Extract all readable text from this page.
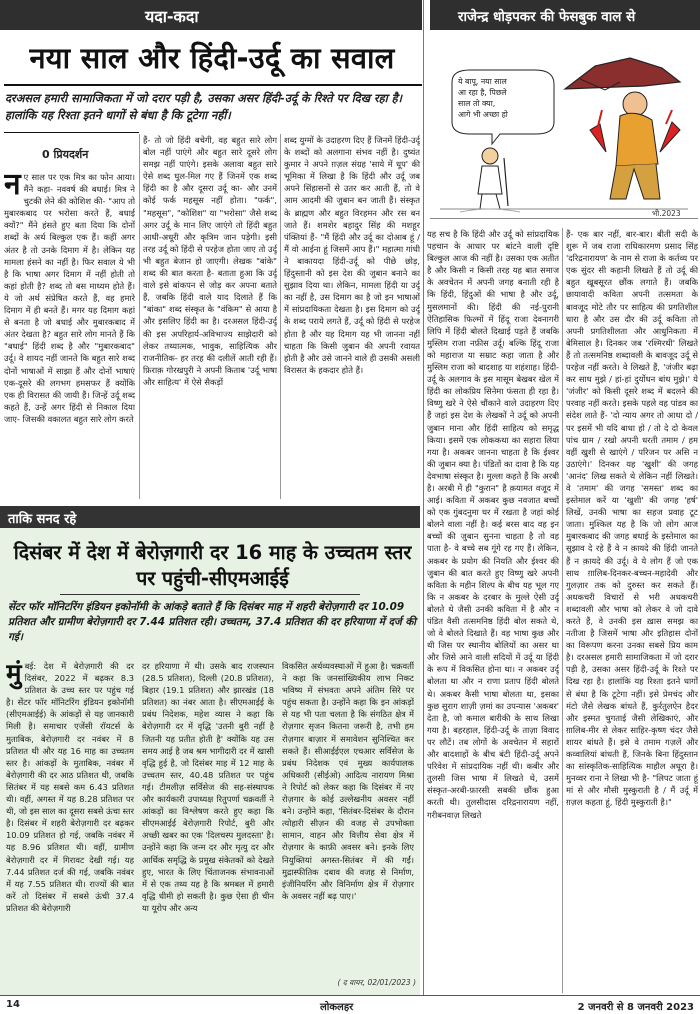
यदा-कदा
नया साल और हिंदी-उर्दू का सवाल
दरअसल हमारी सामाजिकता में जो दरार पड़ी है, उसका असर हिंदी-उर्दू के रिश्ते पर दिख रहा है। हालांकि यह रिश्ता इतने धागों से बंधा है कि टूटेगा नहीं।
0 प्रियदर्शन
नए साल पर एक मित्र का फोन आया। मैंने कहा- नववर्ष की बधाई। मित्र ने चुटकी लेने की कोशिश की- "आप तो मुबारकबाद पर भरोसा करते हैं, बधाई क्यों?" मैंने हंसते हुए बता दिया कि दोनों शब्दों के अर्थ बिल्कुल एक हैं। कहीं अगर अंतर है तो उनके दिमाग में है। लेकिन यह मामला हंसने का नहीं है। फिर सवाल ये भी है कि भाषा अगर दिमाग में नहीं होती तो कहां होती है? शब्द तो बस माध्यम होते हैं। ये जो अर्थ संप्रेषित करते हैं, वह हमारे दिमाग में ही बनते हैं। मगर यह दिमाग कहां से बनता है जो बधाई और मुबारकबाद में अंतर देखता है? बहुत सारे लोग मानते हैं कि "बधाई" हिंदी शब्द है और "मुबारकबाद" उर्दू। वे शायद नहीं जानते कि बहुत सारे शब्द दोनों भाषाओं में साझा हैं और दोनों भाषाएं एक-दूसरे की लगभग हमसफर हैं क्योंकि एक ही विरासत की जायी हैं। जिन्हें उर्दू शब्द कहते हैं, उन्हें अगर हिंदी से निकाल दिया जाए- जिसकी वकालत बहुत सारे लोग करते
हैं- तो जो हिंदी बचेगी, वह बहुत सारे लोग बोल नहीं पाएंगे और बहुत सारे दूसरे लोग समझ नहीं पाएंगे। इसके अलावा बहुत सारे ऐसे शब्द घुल-मिल गए हैं जिनमें एक शब्द हिंदी का है और दूसरा उर्दू का- और उनमें कोई फर्क महसूस नहीं होता। "फर्क", "महसूस", "कोशिश" या "भरोसा" जैसे शब्द अगर उर्दू के मान लिए जाएंगे तो हिंदी बहुत आधी-अधूरी और कृत्रिम जान पड़ेगी। इसी तरह उर्दू को हिंदी से परहेज होता जाए तो उर्दू भी बहुत बेजान हो जाएगी। लेखक "बांके" शब्द की बात करता है- बताता हुआ कि उर्दू वाले इसे बांकपन से जोड़ कर अपना बताते हैं, जबकि हिंदी वाले याद दिलाते हैं कि "बांका" शब्द संस्कृत के "वंकिम" से आया है और इसलिए हिंदी का है। दरअसल हिंदी-उर्दू की इस अपरिहार्य-अविभाज्य साझेदारी को लेकर तथ्यात्मक, भावुक, साहित्यिक और राजनीतिक- हर तरह की दलीलें आती रही हैं। फ़िराक़ गोरखपुरी ने अपनी किताब 'उर्दू भाषा और साहित्य' में ऐसे सैकड़ों
शब्द युग्मों के उदाहरण दिए हैं जिनमें हिंदी-उर्दू के शब्दों को अलगाना संभव नहीं है। दुष्यंत कुमार ने अपने ग़ज़ल संग्रह 'साये में धूप' की भूमिका में लिखा है कि हिंदी और उर्दू जब अपने सिंहासनों से उतर कर आती हैं, तो वे आम आदमी की जुबान बन जाती हैं। संस्कृत के ब्राह्मण और बहुत विरहमन और रस बन जाते हैं। शमशेर बहादुर सिंह की मशहूर पंक्तियां हैं- "मैं हिंदी और उर्दू का दोआब हूं / मैं वो आईना हूं जिसमें आप हैं।" महात्मा गांधी ने बाकायदा हिंदी-उर्दू को पीछे छोड़, हिंदुस्तानी को इस देश की जुबान बनाने का सुझाव दिया था। लेकिन, मामला हिंदी या उर्दू का नहीं है, उस दिमाग का है जो इन भाषाओं में सांप्रदायिकता देखता है। इस दिमाग को उर्दू के शब्द पराये लगते हैं, उर्दू को हिंदी से परहेज होता है और यह दिमाग यह भी जानना नहीं चाहता कि किसी जुबान की अपनी रवायत होती है और उसे जानने वाले ही उसकी असली विरासत के हकदार होते हैं।
यह सच है कि हिंदी और उर्दू को सांप्रदायिक पहचान के आधार पर बांटने वाली दृष्टि बिल्कुल आज की नहीं है। उसका एक अतीत है और किसी न किसी तरह यह बात समाज के अवचेतन में अपनी जगह बनाती रही है कि हिंदी, हिंदुओं की भाषा है और उर्दू, मुसलमानों की। हिंदी की नई-पुरानी ऐतिहासिक फिल्मों में हिंदू राजा देवनागरी लिपि में हिंदी बोलते दिखाई पड़ते हैं जबकि मुस्लिम राजा नफ़ीस उर्दू। बल्कि हिंदू राजा को महाराज या सम्राट कहा जाता है और मुस्लिम राजा को बादशाह या शहंशाह। हिंदी-उर्दू के अलगाव के इस मासूम बेखबर खेल में हिंदी का लोकप्रिय सिनेमा फंसता ही रहा है। विष्णु खरे ने ऐसे चौंकाने वाले उदाहरण दिए हैं जहां इस देश के लेखकों ने उर्दू को अपनी जुबान माना और हिंदी साहित्य को समृद्ध किया। इसमें एक लोककथा का सहारा लिया गया है। अकबर जानना चाहता है कि ईश्वर की जुबान क्या है। पंडितों का दावा है कि यह देवभाषा संस्कृत है। मुल्ला कहते हैं कि अरबी है। अरबी में ही "कुरान" है क़यामत वजूद में आई। कविता में अकबर कुछ नवजात बच्चों को एक गुंबदनुमा घर में रखता है जहां कोई बोलने वाला नहीं है। कई बरस बाद वह इन बच्चों की जुबान सुनना चाहता है तो वह पाता है- वे बच्चे सब गूंगे रह गए हैं। लेकिन, अकबर के प्रयोग की नियति और ईश्वर की जुबान की बात करते हुए विष्णु खरे अपनी कविता के महीन शिल्प के बीच यह भूल गए कि न अकबर के दरबार के मुल्ले ऐसी उर्दू बोलते थे जैसी उनकी कविता में है और न पंडित वैसी तत्समनिष्ठ हिंदी बोल सकते थे, जो वे बोलते दिखाते हैं। वह भाषा कुछ और थी जिस पर स्थानीय बोलियों का असर था और जिसे आने वाली सदियों में उर्दू या हिंदी के रूप में विकसित होना था। न अकबर उर्दू बोलता था और न राणा प्रताप हिंदी बोलते थे। अकबर कैसी भाषा बोलता था, इसका कुछ सुराग शाज़ी ज़मां का उपन्यास 'अकबर' देता है, जो कमाल बारीकी के साथ लिखा गया है। बहरहाल, हिंदी-उर्दू के ताज़ा विवाद पर लौटें। तब लोगों के अवचेतन में सहारों और बादशाहों के बीच बंटी हिंदी-उर्दू अपने परिवेश में सांप्रदायिक नहीं थी। कबीर और तुलसी जिस भाषा में लिखते थे, उसमें संस्कृत-अरबी-फ़ारसी सबकी छौंक हुआ करती थी। तुलसीदास दरिद्रनारायण नहीं, गरीबनवाज़ लिखते
हैं- एक बार नहीं, बार-बार। बीती सदी के शुरू में जब राजा राधिकारमण प्रसाद सिंह 'दरिद्रनारायण' के नाम से राजा के कर्तव्य पर एक सुंदर सी कहानी लिखते हैं तो उर्दू की बहुत खूबसूरत छौंक लगाते हैं। जबकि छायावादी कविता अपनी तत्समता के बावजूद मोटे तौर पर साहित्य की प्रगतिशील धारा है और उस दौर की उर्दू कविता तो अपनी प्रगतिशीलता और आधुनिकता में बेमिसाल है। दिनकर जब 'रश्मिरथी' लिखते हैं तो तत्समनिष्ठ शब्दावली के बावजूद उर्दू से परहेज नहीं करते। वे लिखते हैं, 'जंजीर बढ़ा कर साध मुझे / हां-हां दुर्योधन बांध मुझे।' ये 'जंजीर' को किसी दूसरे शब्द में बदलने की परवाह नहीं करते। इसके पहले वह पांडव का संदेश लाते हैं- 'दो न्याय अगर तो आधा दो / पर इसमें भी यदि बाधा हो / तो दे दो केवल पांच ग्राम / रखो अपनी धरती तमाम / हम वहीं खुशी से खाएंगे / परिजन पर असि न उठाएंगे।' दिनकर यह 'खुशी' की जगह 'आनंद' लिख सकते थे लेकिन नहीं लिखते। वे 'तमाम' की जगह 'समस्त' शब्द का इस्तेमाल करें या 'खुशी' की जगह 'हर्ष' लिखें, उनकी भाषा का सहज प्रवाह टूट जाता। मुश्किल यह है कि जो लोग आज मुबारकबाद की जगह बधाई के इस्तेमाल का सुझाव दे रहे हैं वे न क़ायदे की हिंदी जानते हैं न क़ायदे की उर्दू। वे ये लोग हैं जो एक साथ ग़ालिब-दिनकर-बच्चन-महादेवी और गुलज़ार तक को दुरुस्त कर सकते हैं। अधकचरी विचारों से भरी अधकचरी शब्दावली और भाषा को लेकर वे जो दावे करते हैं, वे उनकी इस ख़ास समझ का नतीजा है जिसमें भाषा और इतिहास दोनों का विरूपण करना उनका सबसे प्रिय काम है। दरअसल हमारी सामाजिकता में जो दरार पड़ी है, उसका असर हिंदी-उर्दू के रिश्ते पर दिख रहा है। हालांकि यह रिश्ता इतने धागों से बंधा है कि टूटेगा नहीं। इसे प्रेमचंद और मंटो जैसे लेखक बांधते हैं, कुर्रतुलऐन हैदर और इस्मत चुगताई जैसी लेखिकाएं, और ग़ालिब-मीर से लेकर साहिर-कृष्ण चंदर जैसे शायर बांधते हैं। इसे वे तमाम गज़लें और कव्वालियां बांधती हैं, जिनके बिना हिंदुस्तान का सांस्कृतिक-साहित्यिक माहौल अधूरा है। मुनव्वर राना ने लिखा भी है- "लिपट जाता हूं मां से और मौसी मुस्कुराती है / मैं उर्दू में ग़ज़ल कहता हूं, हिंदी मुस्कुराती है।"
राजेन्द्र धोड़पकर की फेसबुक वाल से
ये बापू, नया साल आ रहा है, पिछले साल तो क्या, आगे भी अच्छा हो
भी.2023
ताकि सनद रहे
दिसंबर में देश में बेरोज़गारी दर 16 माह के उच्चतम स्तर पर पहुंची-सीएमआईई
सेंटर फॉर मॉनिटरिंग इंडियन इकोनॉमी के आंकड़े बताते हैं कि दिसंबर माह में शहरी बेरोज़गारी दर 10.09 प्रतिशत और ग्रामीण बेरोज़गारी दर 7.44 प्रतिशत रही। उच्चतम, 37.4 प्रतिशत की दर हरियाणा में दर्ज की गई।
मुंबई: देश में बेरोज़गारी की दर दिसंबर, 2022 में बढ़कर 8.3 प्रतिशत के उच्च स्तर पर पहुंच गई है। सेंटर फॉर मॉनिटरिंग इंडियन इकोनॉमी (सीएमआईई) के आंकड़ों से यह जानकारी मिली है। समाचार एजेंसी रॉयटर्स के मुताबिक, बेरोज़गारी दर नवंबर में 8 प्रतिशत थी और यह 16 माह का उच्चतम स्तर है। आंकड़ों के मुताबिक, नवंबर में बेरोज़गारी की दर आठ प्रतिशत थी, जबकि सितंबर में यह सबसे कम 6.43 प्रतिशत थी। वहीं, अगस्त में यह 8.28 प्रतिशत पर थी, जो इस साल का दूसरा सबसे ऊंचा स्तर है। दिसंबर में शहरी बेरोज़गारी दर बढ़कर 10.09 प्रतिशत हो गई, जबकि नवंबर में यह 8.96 प्रतिशत थी। वहीं, ग्रामीण बेरोज़गारी दर में गिरावट देखी गई। यह 7.44 प्रतिशत दर्ज की गई, जबकि नवंबर में यह 7.55 प्रतिशत थी। राज्यों की बात करें तो दिसंबर में सबसे ऊंची 37.4 प्रतिशत की बेरोज़गारी
दर हरियाणा में थी। उसके बाद राजस्थान (28.5 प्रतिशत), दिल्ली (20.8 प्रतिशत), बिहार (19.1 प्रतिशत) और झारखंड (18 प्रतिशत) का नंबर आता है। सीएमआईई के प्रबंध निदेशक, महेश व्यास ने कहा कि बेरोज़गारी दर में वृद्धि 'उतनी बुरी नहीं है जितनी यह प्रतीत होती है' क्योंकि यह उस समय आई है जब श्रम भागीदारी दर में खासी वृद्धि हुई है, जो दिसंबर माह में 12 माह के उच्चतम स्तर, 40.48 प्रतिशत पर पहुंच गई। टीमलीज़ सर्विसेज की सह-संस्थापक और कार्यकारी उपाध्यक्ष रितुपर्णा चक्रवर्ती ने आंकड़ों का विश्लेषण करते हुए कहा कि सीएमआईई बेरोज़गारी रिपोर्ट, बुरी और अच्छी खबर का एक 'दिलचस्प मुलदस्ता' है। उन्होंने कहा कि जन्म दर और मृत्यु दर और आर्थिक समृद्धि के प्रमुख संकेतकों को देखते हुए, भारत के लिए चिंताजनक संभावनाओं में से एक तथ्य यह है कि श्रमबल में हमारी वृद्धि धीमी हो सकती है। कुछ ऐसा ही चीन या यूरोप और अन्य
विकसित अर्थव्यवस्थाओं में हुआ है। चक्रवर्ती ने कहा कि जनसांख्यिकीय लाभ निकट भविष्य में संभवतः अपने अंतिम सिरे पर पहुंच सकता है। उन्होंने कहा कि इन आंकड़ों से यह भी पता चलता है कि संगठित क्षेत्र में रोज़गार सृजन कितना जरूरी है, तभी हम रोज़गार बाज़ार में समावेशन सुनिश्चित कर सकते हैं। सीआईईएल एचआर सर्विसेज के प्रबंध निदेशक एवं मुख्य कार्यपालक अधिकारी (सीईओ) आदित्य नारायण मिश्रा ने रिपोर्ट को लेकर कहा कि दिसंबर में नए रोज़गार के कोई उल्लेखनीय अवसर नहीं बने। उन्होंने कहा, 'सितंबर-दिसंबर के दौरान त्योहारी सीज़न की वजह से उपभोक्ता सामान, वाहन और वित्तीय सेवा क्षेत्र में रोज़गार के काफ़ी अवसर बने। इनके लिए नियुक्तियां अगस्त-सितंबर में की गईं। मुद्रास्फीतिक दबाव की वजह से निर्माण, इंजीनियरिंग और विनिर्माण क्षेत्र में रोज़गार के अवसर नहीं बढ़ पाए।'
( द वायर, 02/01/2023 )
14	लोकलहर	2 जनवरी से 8 जनवरी 2023
